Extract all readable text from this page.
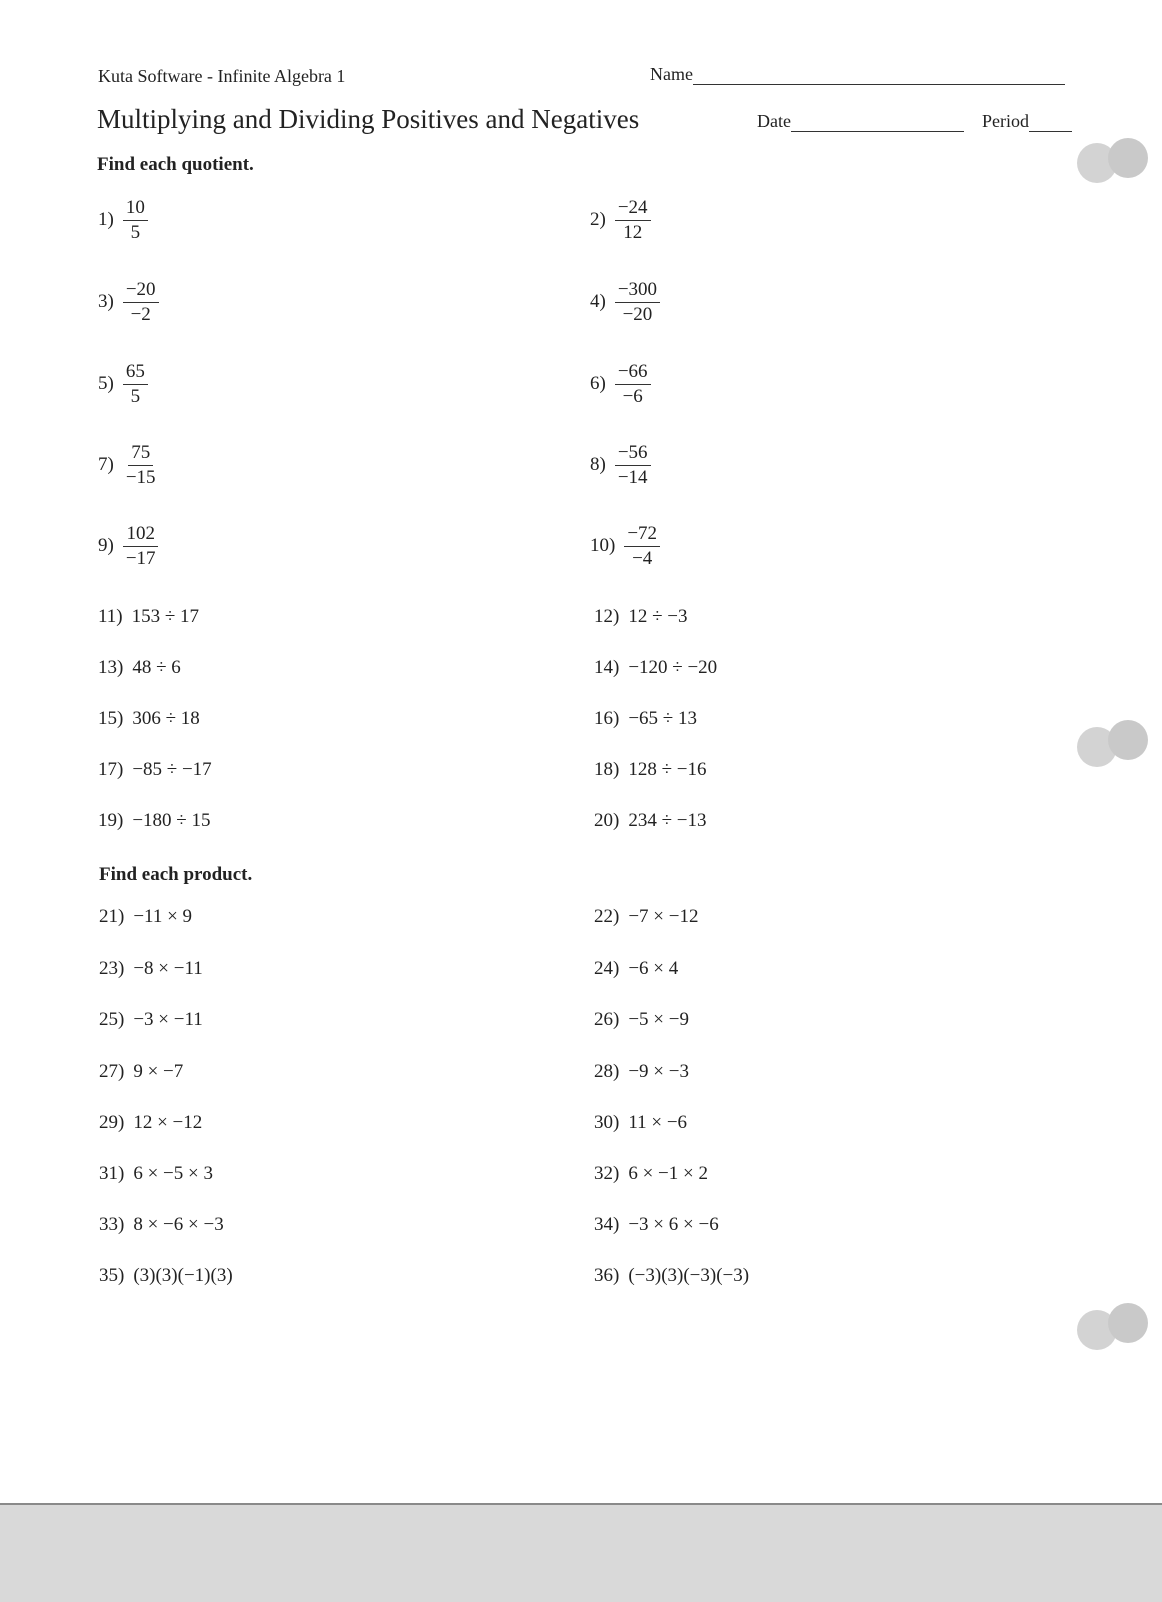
Kuta Software - Infinite Algebra 1	Name
Multiplying and Dividing Positives and Negatives	Date	Period
Find each quotient.
$1) \frac{10}{5}$	$2) \frac{-24}{12}$
$3) \frac{-20}{-2}$	$4) \frac{-300}{-20}$
$5) \frac{65}{5}$	$6) \frac{-66}{-6}$
$7) \frac{75}{-15}$	$8) \frac{-56}{-14}$
$9) \frac{102}{-17}$	$10) \frac{-72}{-4}$
11) 153 ÷ 17	12) 12 ÷ −3
13) 48 ÷ 6	14) −120 ÷ −20
15) 306 ÷ 18	16) −65 ÷ 13
17) −85 ÷ −17	18) 128 ÷ −16
19) −180 ÷ 15	20) 234 ÷ −13
Find each product.
21) −11 × 9	22) −7 × −12
23) −8 × −11	24) −6 × 4
25) −3 × −11	26) −5 × −9
27) 9 × −7	28) −9 × −3
29) 12 × −12	30) 11 × −6
31) 6 × −5 × 3	32) 6 × −1 × 2
33) 8 × −6 × −3	34) −3 × 6 × −6
35) (3)(3)(−1)(3)	36) (−3)(3)(−3)(−3)
